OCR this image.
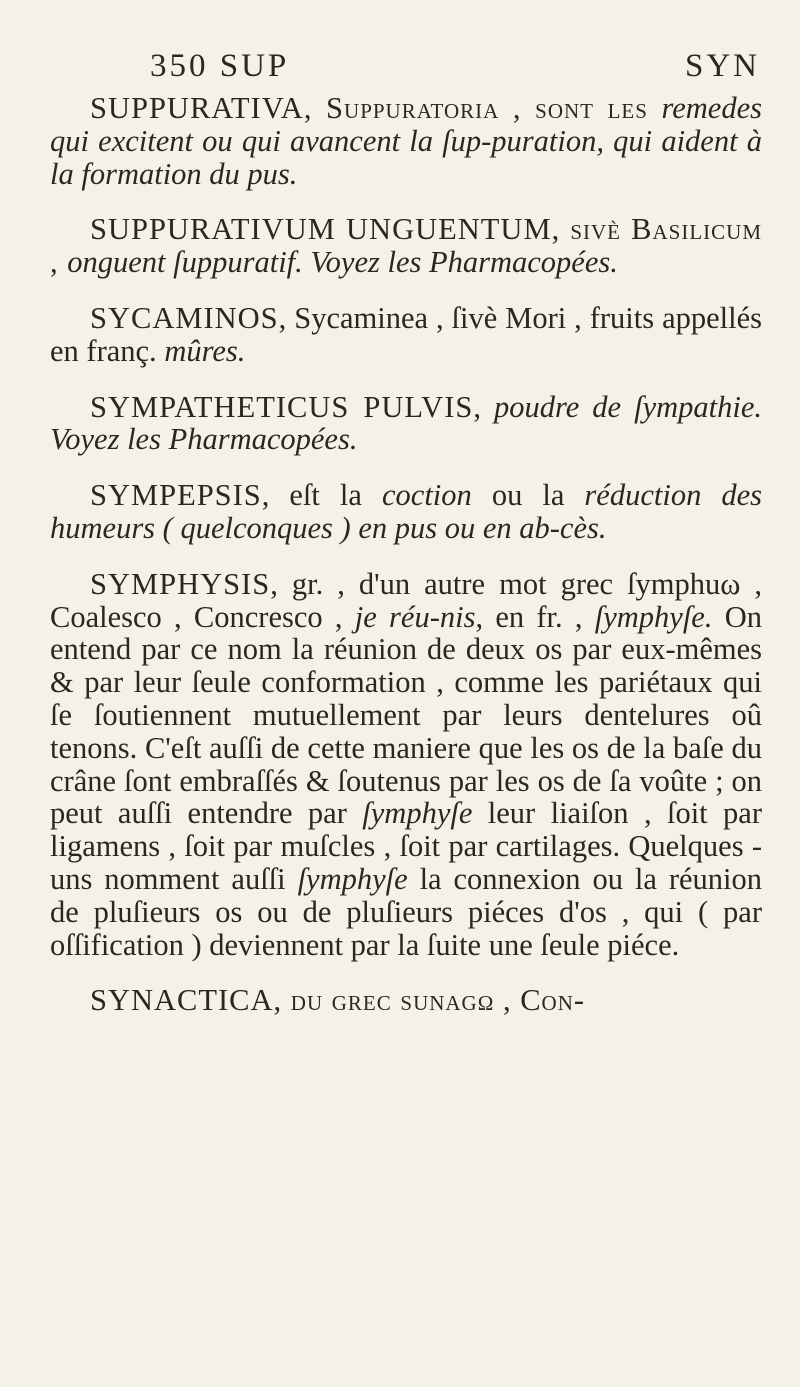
350 SUP	SYN

SUPPURATIVA, Suppuratoria , ſont les remedes qui excitent ou qui avancent la ſup-puration, qui aident à la formation du pus.

SUPPURATIVUM UNGUENTUM, ſivè Basilicum , onguent ſuppuratif. Voyez les Pharmacopées.

SYCAMINOS, Sycaminea , ſivè Mori , fruits appellés en franç. mûres.

SYMPATHETICUS PULVIS, poudre de ſympathie. Voyez les Pharmacopées.

SYMPEPSIS, eſt la coction ou la réduction des humeurs ( quelconques ) en pus ou en ab-cès.

SYMPHYSIS, gr. , d'un autre mot grec ſymphuω , Coalesco , Concresco , je réu-nis, en fr. , ſymphyſe. On entend par ce nom la réunion de deux os par eux-mêmes & par leur ſeule conformation , comme les pariétaux qui ſe ſoutiennent mutuellement par leurs dentelures oû tenons. C'eſt auſſi de cette maniere que les os de la baſe du crâne ſont embraſſés & ſoutenus par les os de ſa voûte ; on peut auſſi entendre par ſymphyſe leur liaiſon , ſoit par ligamens , ſoit par muſcles , ſoit par cartilages. Quelques - uns nomment auſſi ſymphyſe la connexion ou la réunion de pluſieurs os ou de pluſieurs piéces d'os , qui ( par oſſification ) deviennent par la ſuite une ſeule piéce.

SYNACTICA, du grec ſunagω , Con-
